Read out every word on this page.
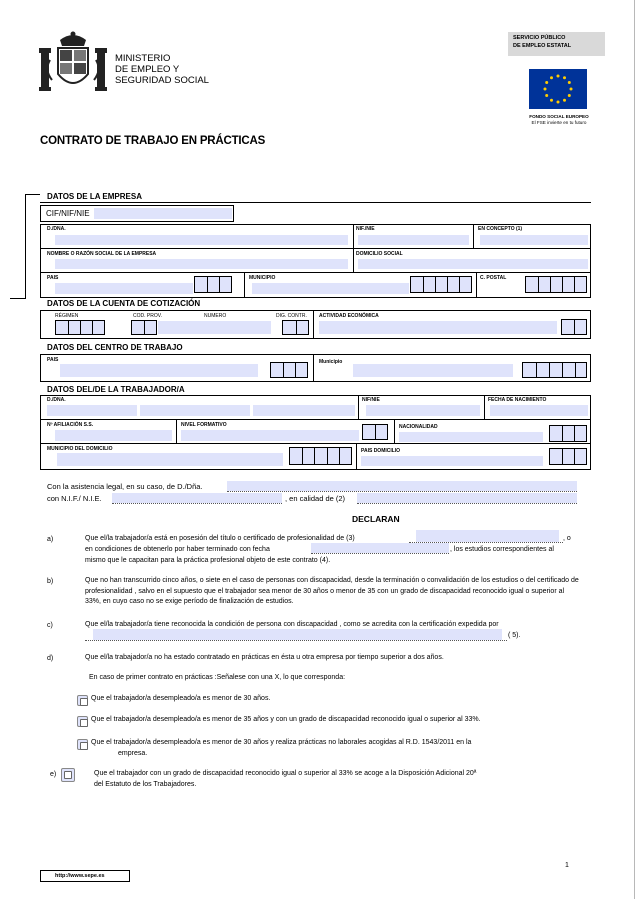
MINISTERIO
DE EMPLEO Y
SEGURIDAD SOCIAL
SERVICIO PÚBLICO
DE EMPLEO ESTATAL
FONDO SOCIAL EUROPEO
El FSE invierte en tu futuro
CONTRATO DE TRABAJO EN PRÁCTICAS
DATOS DE LA EMPRESA
CIF/NIF/NIE
D./DNA.	NIF./NIE	EN CONCEPTO (1)
NOMBRE O RAZÓN SOCIAL DE LA EMPRESA	DOMICILIO SOCIAL
PAIS	MUNICIPIO	C. POSTAL
DATOS DE LA CUENTA DE COTIZACIÓN
RÉGIMEN	COD. PROV.	NUMERO	DIG. CONTR. ACTIVIDAD ECONÓMICA
DATOS DEL CENTRO DE TRABAJO
PAIS	Municipio
DATOS DEL/DE LA TRABAJADOR/A
D./DNA.	NIF/NIE	FECHA DE NACIMIENTO
Nº AFILIACIÓN S.S.	NIVEL FORMATIVO	NACIONALIDAD
MUNICIPIO DEL DOMICILIO	PAIS DOMICILIO
Con la asistencia legal, en su caso, de D./Dña.
con N.I.F./ N.I.E.	, en calidad de (2)
DECLARAN
a)	Que el/la trabajador/a está en posesión del título o certificado de profesionalidad de (3)	, o
en condiciones de obtenerlo por haber terminado con fecha	, los estudios correspondientes al
mismo que le capacitan para la práctica profesional objeto de este contrato (4).
b)	Que no han transcurrido cinco años, o siete en el caso de personas con discapacidad, desde la terminación o convalidación de los estudios o del certificado de profesionalidad , salvo en el supuesto que el trabajador sea menor de 30 años o menor de 35 con un grado de discapacidad reconocido igual o superior al 33%, en cuyo caso no se exige período de finalización de estudios.
c)	Que el/la trabajador/a tiene reconocida la condición de persona con discapacidad , como se acredita con la certificación expedida por
( 5).
d)	Que el/la trabajador/a no ha estado contratado en prácticas en ésta u otra empresa por tiempo superior a dos años.
En caso de primer contrato en prácticas :Señalese con una X, lo que corresponda:
Que el trabajador/a desempleado/a es menor de 30 años.
Que el trabajador/a desempleado/a es menor de 35 años y con un grado de discapacidad reconocido igual o superior al 33%.
Que el trabajador/a desempleado/a es menor de 30 años y realiza prácticas no laborales acogidas al R.D. 1543/2011 en la
empresa.
e)	Que el trabajador con un grado de discapacidad reconocido igual o superior al 33% se acoge a la Disposición Adicional 20ª
del Estatuto de los Trabajadores.
1
http://www.sepe.es
